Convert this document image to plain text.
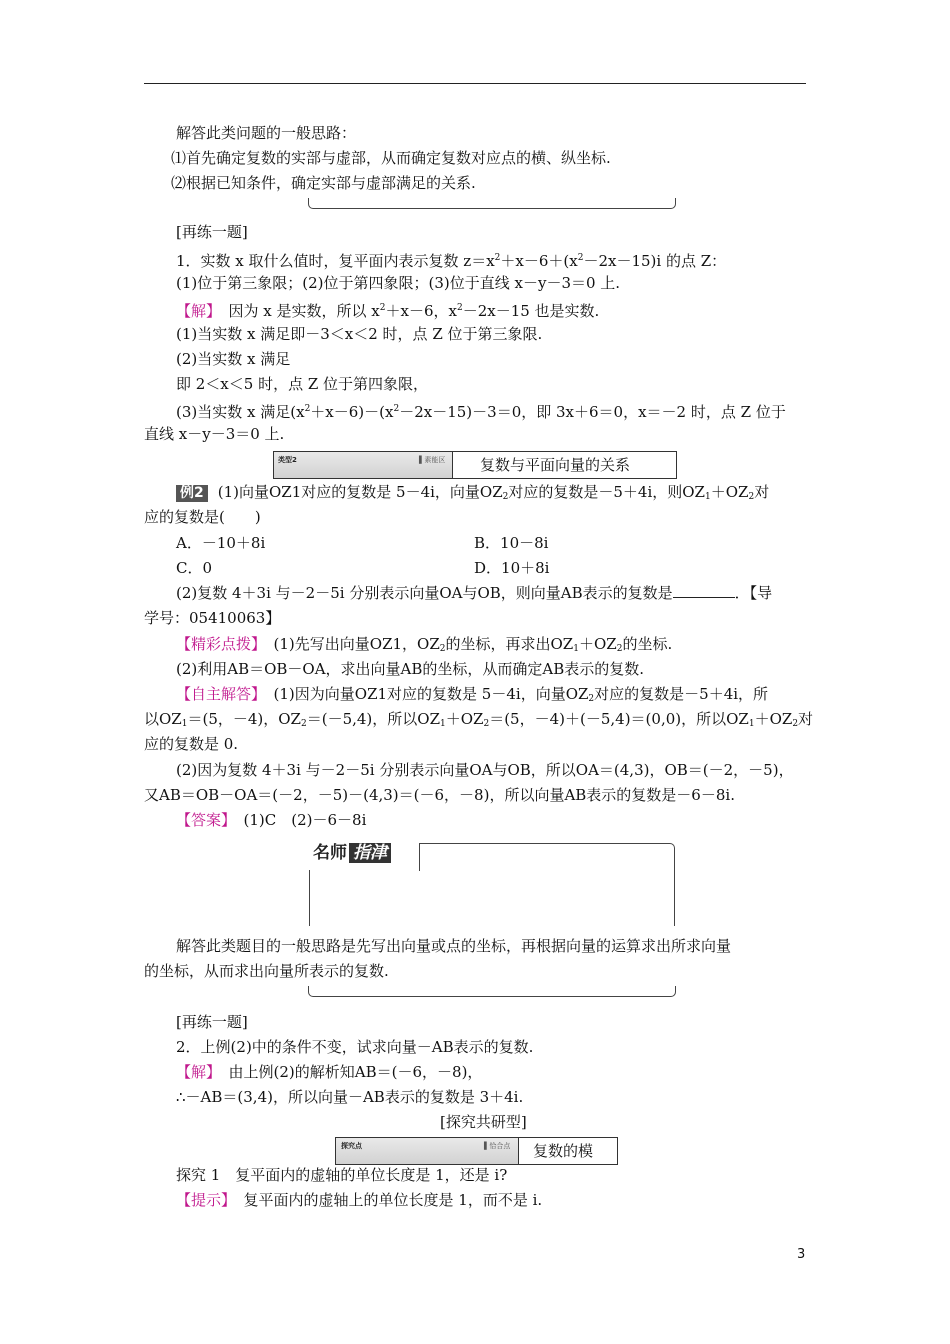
解答此类问题的一般思路：
⑴首先确定复数的实部与虚部，从而确定复数对应点的横、纵坐标.
⑵根据已知条件，确定实部与虚部满足的关系.
[再练一题]
1．实数 x 取什么值时，复平面内表示复数 $z=x^2+x-6+(x^2-2x-15)i$ 的点 Z：
(1)位于第三象限；(2)位于第四象限；(3)位于直线 x－y－3＝0 上.
【解】　 因为 x 是实数，所以 $x^2+x-6$，$x^2-2x-15$ 也是实数.
(1)当实数 x 满足即－3＜x＜2 时，点 Z 位于第三象限.
(2)当实数 x 满足
即 2＜x＜5 时，点 Z 位于第四象限，
(3)当实数 x 满足$(x^2+x-6)-(x^2-2x-15)-3=0$，即 3x＋6＝0，x＝－2 时，点 Z 位于
直线 x－y－3＝0 上.
类型2	▌素能区 复数与平面向量的关系
例2 (1)向量OZ1对应的复数是 5－4i，向量$OZ_2$对应的复数是－5＋4i，则$OZ_1+OZ_2$对
应的复数是(　　)
A．－10＋8i	B．10－8i
C．0	D．10＋8i
(2)复数 4＋3i 与－2－5i 分别表示向量OA与OB，则向量AB表示的复数是	．【导
学号：05410063】
【精彩点拨】　 (1)先写出向量OZ1，$OZ_2$的坐标，再求出$OZ_1+OZ_2$的坐标.
(2)利用AB＝OB－OA，求出向量AB的坐标，从而确定AB表示的复数.
【自主解答】　 (1)因为向量OZ1对应的复数是 5－4i，向量$OZ_2$对应的复数是－5＋4i，所
以$OZ_1=(5$，－4)，$OZ_2=(-5,4)$，所以$OZ_1+OZ_2=(5$，－4)＋(－5,4)＝(0,0)，所以$OZ_1+OZ_2$对
应的复数是 0.
(2)因为复数 4＋3i 与－2－5i 分别表示向量OA与OB，所以OA＝(4,3)，OB＝(－2，－5)，
又AB＝OB－OA＝(－2，－5)－(4,3)＝(－6，－8)，所以向量AB表示的复数是－6－8i.
【答案】　 (1)C　(2)－6－8i
名师 指津
解答此类题目的一般思路是先写出向量或点的坐标，再根据向量的运算求出所求向量
的坐标，从而求出向量所表示的复数.
[再练一题]
2．上例(2)中的条件不变，试求向量－AB表示的复数.
【解】　 由上例(2)的解析知AB＝(－6，－8)，
∴－AB＝(3,4)，所以向量－AB表示的复数是 3＋4i.
[探究共研型]
探究点	▌恰合点 复数的模
探究 1　复平面内的虚轴的单位长度是 1，还是 i?
【提示】　 复平面内的虚轴上的单位长度是 1，而不是 i.
3
